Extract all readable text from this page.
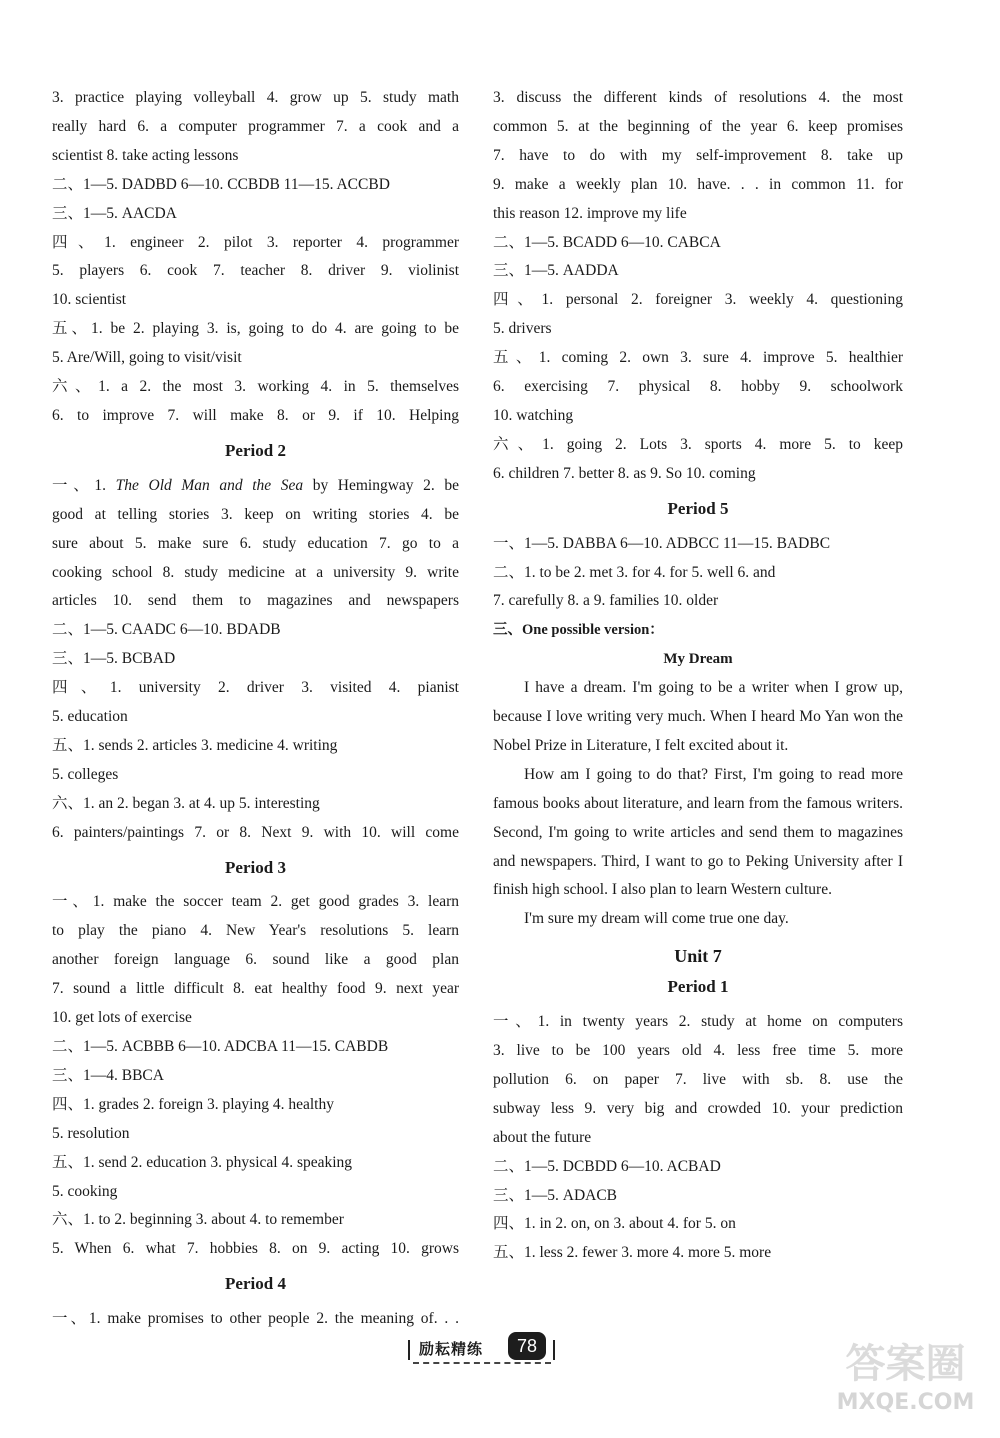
3. practice playing volleyball 4. grow up 5. study math
really hard 6. a computer programmer 7. a cook and a
scientist 8. take acting lessons
二、1—5. DADBD 6—10. CCBDB 11—15. ACCBD
三、1—5. AACDA
四、1. engineer 2. pilot 3. reporter 4. programmer
5. players 6. cook 7. teacher 8. driver 9. violinist
10. scientist
五、1. be 2. playing 3. is, going to do 4. are going to be
5. Are/Will, going to visit/visit
六、1. a 2. the most 3. working 4. in 5. themselves
6. to improve 7. will make 8. or 9. if 10. Helping
Period 2
一、1. The Old Man and the Sea by Hemingway 2. be
good at telling stories 3. keep on writing stories 4. be
sure about 5. make sure 6. study education 7. go to a
cooking school 8. study medicine at a university 9. write
articles 10. send them to magazines and newspapers
二、1—5. CAADC 6—10. BDADB
三、1—5. BCBAD
四、1. university 2. driver 3. visited 4. pianist
5. education
五、1. sends 2. articles 3. medicine 4. writing
5. colleges
六、1. an 2. began 3. at 4. up 5. interesting
6. painters/paintings 7. or 8. Next 9. with 10. will come
Period 3
一、1. make the soccer team 2. get good grades 3. learn
to play the piano 4. New Year's resolutions 5. learn
another foreign language 6. sound like a good plan
7. sound a little difficult 8. eat healthy food 9. next year
10. get lots of exercise
二、1—5. ACBBB 6—10. ADCBA 11—15. CABDB
三、1—4. BBCA
四、1. grades 2. foreign 3. playing 4. healthy
5. resolution
五、1. send 2. education 3. physical 4. speaking
5. cooking
六、1. to 2. beginning 3. about 4. to remember
5. When 6. what 7. hobbies 8. on 9. acting 10. grows
Period 4
一、1. make promises to other people 2. the meaning of. . .
3. discuss the different kinds of resolutions 4. the most
common 5. at the beginning of the year 6. keep promises
7. have to do with my self-improvement 8. take up
9. make a weekly plan 10. have. . . in common 11. for
this reason 12. improve my life
二、1—5. BCADD 6—10. CABCA
三、1—5. AADDA
四、1. personal 2. foreigner 3. weekly 4. questioning
5. drivers
五、1. coming 2. own 3. sure 4. improve 5. healthier
6. exercising 7. physical 8. hobby 9. schoolwork
10. watching
六、1. going 2. Lots 3. sports 4. more 5. to keep
6. children 7. better 8. as 9. So 10. coming
Period 5
一、1—5. DABBA 6—10. ADBCC 11—15. BADBC
二、1. to be 2. met 3. for 4. for 5. well 6. and
7. carefully 8. a 9. families 10. older
三、One possible version：
My Dream
I have a dream. I'm going to be a writer when I grow up, because I love writing very much. When I heard Mo Yan won the Nobel Prize in Literature, I felt excited about it.
How am I going to do that? First, I'm going to read more famous books about literature, and learn from the famous writers. Second, I'm going to write articles and send them to magazines and newspapers. Third, I want to go to Peking University after I finish high school. I also plan to learn Western culture.
I'm sure my dream will come true one day.
Unit 7
Period 1
一、1. in twenty years 2. study at home on computers
3. live to be 100 years old 4. less free time 5. more
pollution 6. on paper 7. live with sb. 8. use the
subway less 9. very big and crowded 10. your prediction
about the future
二、1—5. DCBDD 6—10. ACBAD
三、1—5. ADACB
四、1. in 2. on, on 3. about 4. for 5. on
五、1. less 2. fewer 3. more 4. more 5. more
励耘精练	78	答案圈
MXQE.COM
